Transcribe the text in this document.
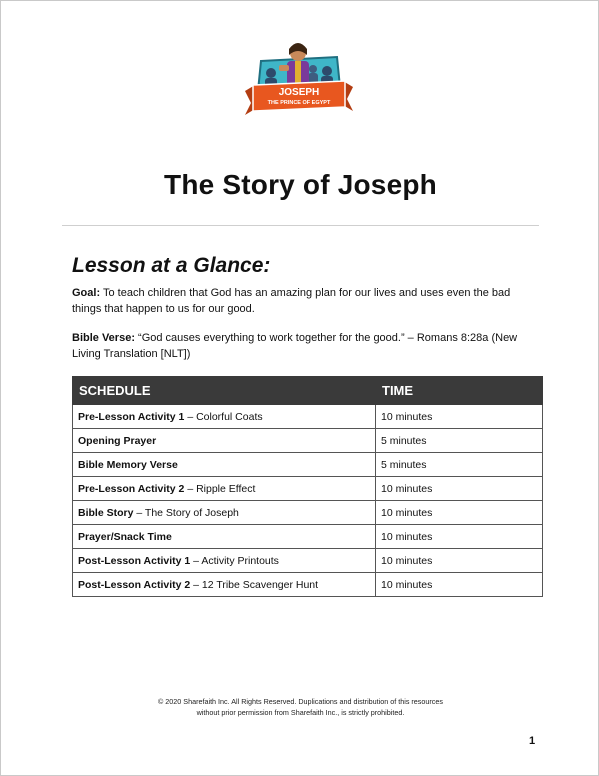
JOSEPH
THE PRINCE OF EGYPT
The Story of Joseph
Lesson at a Glance:

Goal: To teach children that God has an amazing plan for our lives and uses even the bad things that happen to us for our good.

Bible Verse: “God causes everything to work together for the good.” – Romans 8:28a (New Living Translation [NLT])

SCHEDULE	TIME
Pre-Lesson Activity 1 – Colorful Coats	10 minutes
Opening Prayer	5 minutes
Bible Memory Verse	5 minutes
Pre-Lesson Activity 2 – Ripple Effect	10 minutes
Bible Story – The Story of Joseph	10 minutes
Prayer/Snack Time	10 minutes
Post-Lesson Activity 1 – Activity Printouts	10 minutes
Post-Lesson Activity 2 – 12 Tribe Scavenger Hunt	10 minutes

© 2020 Sharefaith Inc. All Rights Reserved. Duplications and distribution of this resources
without prior permission from Sharefaith Inc., is strictly prohibited.

1
